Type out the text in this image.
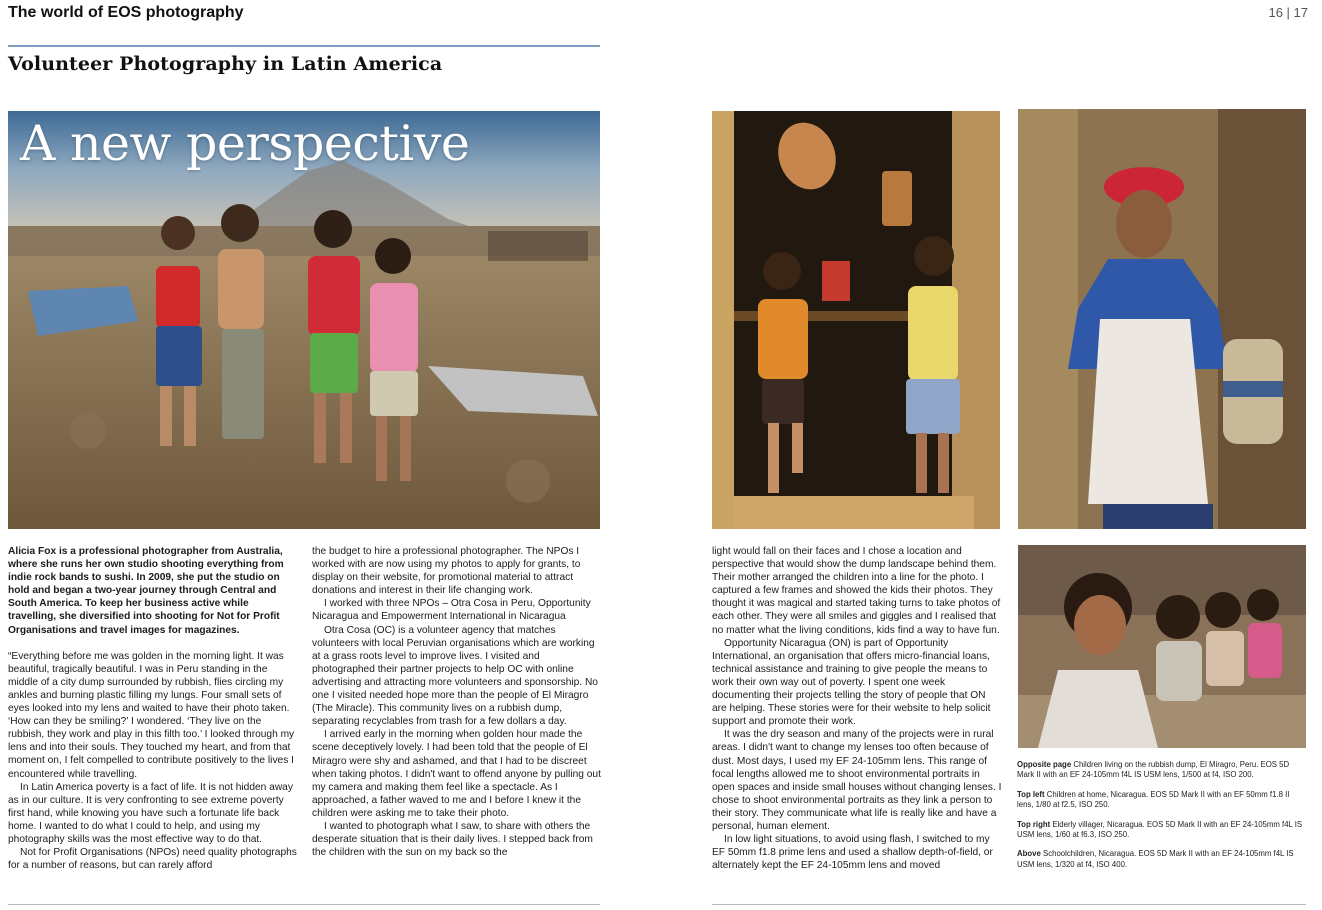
The world of EOS photography	16 | 17
Volunteer Photography in Latin America
A new perspective

Alicia Fox is a professional photographer from Australia, where she runs her own studio shooting everything from indie rock bands to sushi. In 2009, she put the studio on hold and began a two-year journey through Central and South America. To keep her business active while travelling, she diversified into shooting for Not for Profit Organisations and travel images for magazines.

“Everything before me was golden in the morning light. It was beautiful, tragically beautiful. I was in Peru standing in the middle of a city dump surrounded by rubbish, flies circling my ankles and burning plastic filling my lungs. Four small sets of eyes looked into my lens and waited to have their photo taken. ‘How can they be smiling?’ I wondered. ‘They live on the rubbish, they work and play in this filth too.’ I looked through my lens and into their souls. They touched my heart, and from that moment on, I felt compelled to contribute positively to the lives I encountered while travelling.

In Latin America poverty is a fact of life. It is not hidden away as in our culture. It is very confronting to see extreme poverty first hand, while knowing you have such a fortunate life back home. I wanted to do what I could to help, and using my photography skills was the most effective way to do that.

Not for Profit Organisations (NPOs) need quality photographs for a number of reasons, but can rarely afford

the budget to hire a professional photographer. The NPOs I worked with are now using my photos to apply for grants, to display on their website, for promotional material to attract donations and interest in their life changing work.

I worked with three NPOs – Otra Cosa in Peru, Opportunity Nicaragua and Empowerment International in Nicaragua

Otra Cosa (OC) is a volunteer agency that matches volunteers with local Peruvian organisations which are working at a grass roots level to improve lives. I visited and photographed their partner projects to help OC with online advertising and attracting more volunteers and sponsorship. No one I visited needed hope more than the people of El Miragro (The Miracle). This community lives on a rubbish dump, separating recyclables from trash for a few dollars a day.

I arrived early in the morning when golden hour made the scene deceptively lovely. I had been told that the people of El Miragro were shy and ashamed, and that I had to be discreet when taking photos. I didn't want to offend anyone by pulling out my camera and making them feel like a spectacle. As I approached, a father waved to me and I before I knew it the children were asking me to take their photo.

I wanted to photograph what I saw, to share with others the desperate situation that is their daily lives. I stepped back from the children with the sun on my back so the

light would fall on their faces and I chose a location and perspective that would show the dump landscape behind them. Their mother arranged the children into a line for the photo. I captured a few frames and showed the kids their photos. They thought it was magical and started taking turns to take photos of each other. They were all smiles and giggles and I realised that no matter what the living conditions, kids find a way to have fun.

Opportunity Nicaragua (ON) is part of Opportunity International, an organisation that offers micro-financial loans, technical assistance and training to give people the means to work their own way out of poverty. I spent one week documenting their projects telling the story of people that ON are helping. These stories were for their website to help solicit support and promote their work.

It was the dry season and many of the projects were in rural areas. I didn't want to change my lenses too often because of dust. Most days, I used my EF 24-105mm lens. This range of focal lengths allowed me to shoot environmental portraits in open spaces and inside small houses without changing lenses. I chose to shoot environmental portraits as they link a person to their story. They communicate what life is really like and have a personal, human element.

In low light situations, to avoid using flash, I switched to my EF 50mm f1.8 prime lens and used a shallow depth-of-field, or alternately kept the EF 24-105mm lens and moved

Opposite page Children living on the rubbish dump, El Miragro, Peru. EOS 5D Mark II with an EF 24-105mm f4L IS USM lens, 1/500 at f4, ISO 200.
Top left Children at home, Nicaragua. EOS 5D Mark II with an EF 50mm f1.8 II lens, 1/80 at f2.5, ISO 250.
Top right Elderly villager, Nicaragua. EOS 5D Mark II with an EF 24-105mm f4L IS USM lens, 1/60 at f6.3, ISO 250.
Above Schoolchildren, Nicaragua. EOS 5D Mark II with an EF 24-105mm f4L IS USM lens, 1/320 at f4, ISO 400.
